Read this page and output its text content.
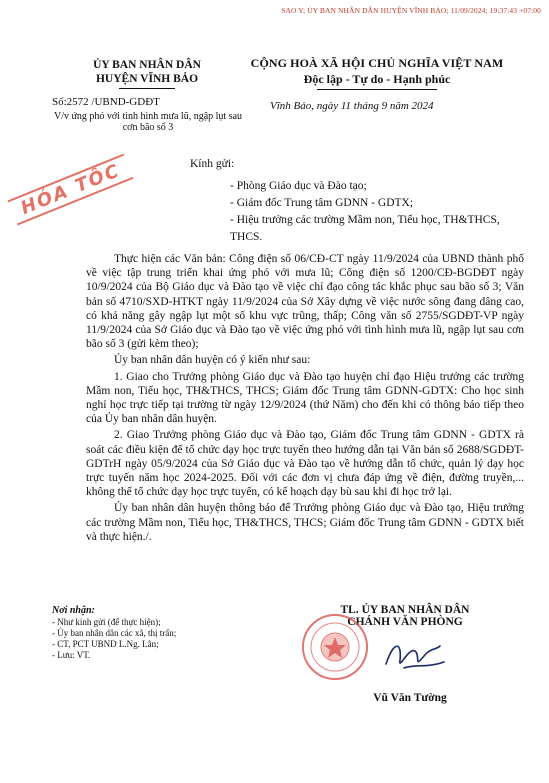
SAO Y; ỦY BAN NHÂN DÂN HUYỆN VĨNH BẢO; 11/09/2024; 19:37:43 +07:00
ỦY BAN NHÂN DÂN
HUYỆN VĨNH BẢO
Số:2572 /UBND-GDĐT
V/v ứng phó với tình hình mưa lũ, ngập lụt sau cơn bão số 3
CỘNG HOÀ XÃ HỘI CHỦ NGHĨA VIỆT NAM
Độc lập - Tự do - Hạnh phúc
Vĩnh Bảo, ngày 11 tháng 9 năm 2024
HỎA TỐC	Kính gửi:
- Phòng Giáo dục và Đào tạo;
- Giám đốc Trung tâm GDNN - GDTX;
- Hiệu trưởng các trường Mầm non, Tiểu học, TH&THCS, THCS.

Thực hiện các Văn bản: Công điện số 06/CĐ-CT ngày 11/9/2024 của UBND thành phố về việc tập trung triển khai ứng phó với mưa lũ; Công điện số 1200/CĐ-BGDĐT ngày 10/9/2024 của Bộ Giáo dục và Đào tạo về việc chỉ đạo công tác khắc phục sau bão số 3; Văn bản số 4710/SXD-HTKT ngày 11/9/2024 của Sở Xây dựng về việc nước sông đang dâng cao, có khả năng gây ngập lụt một số khu vực trũng, thấp; Công văn số 2755/SGDĐT-VP ngày 11/9/2024 của Sở Giáo dục và Đào tạo về việc ứng phó với tình hình mưa lũ, ngập lụt sau cơn bão số 3 (gửi kèm theo);

Ủy ban nhân dân huyện có ý kiến như sau:

1. Giao cho Trưởng phòng Giáo dục và Đào tạo huyện chỉ đạo Hiệu trưởng các trường Mầm non, Tiểu học, TH&THCS, THCS; Giám đốc Trung tâm GDNN-GDTX: Cho học sinh nghỉ học trực tiếp tại trường từ ngày 12/9/2024 (thứ Năm) cho đến khi có thông báo tiếp theo của Ủy ban nhân dân huyện.

2. Giao Trưởng phòng Giáo dục và Đào tạo, Giám đốc Trung tâm GDNN - GDTX rà soát các điều kiện để tổ chức dạy học trực tuyến theo hướng dẫn tại Văn bản số 2688/SGDĐT-GDTrH ngày 05/9/2024 của Sở Giáo dục và Đào tạo về hướng dẫn tổ chức, quản lý dạy học trực tuyến năm học 2024-2025. Đối với các đơn vị chưa đáp ứng về điện, đường truyền,... không thể tổ chức dạy học trực tuyến, có kế hoạch dạy bù sau khi đi học trở lại.

Ủy ban nhân dân huyện thông báo để Trưởng phòng Giáo dục và Đào tạo, Hiệu trưởng các trường Mầm non, Tiểu học, TH&THCS, THCS; Giám đốc Trung tâm GDNN - GDTX biết và thực hiện./.

Nơi nhận:
- Như kính gửi (để thực hiện);
- Ủy ban nhân dân các xã, thị trấn;
- CT, PCT UBND L.Ng. Lân;
- Lưu: VT.
TL. ỦY BAN NHÂN DÂN
CHÁNH VĂN PHÒNG
Vũ Văn Tường
